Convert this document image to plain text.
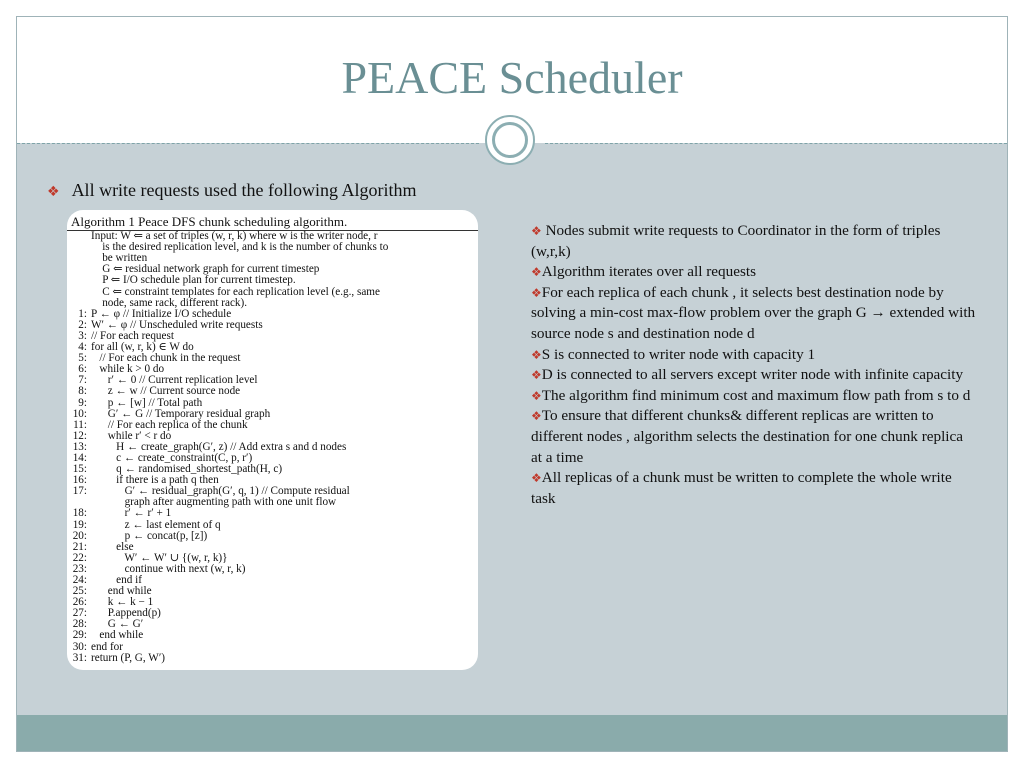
PEACE Scheduler
❖ All write requests used the following Algorithm
Algorithm 1 Peace DFS chunk scheduling algorithm.
Input: W ⇐ a set of triples (w, r, k) where w is the writer node, r
is the desired replication level, and k is the number of chunks to
be written
G ⇐ residual network graph for current timestep
P ⇐ I/O schedule plan for current timestep.
C ⇐ constraint templates for each replication level (e.g., same
node, same rack, different rack).
1: P ← φ // Initialize I/O schedule
2: W′ ← φ // Unscheduled write requests
3: // For each request
4: for all (w, r, k) ∈ W do
5: // For each chunk in the request
6: while k > 0 do
7: r′ ← 0 // Current replication level
8: z ← w // Current source node
9: p ← [w] // Total path
10: G′ ← G // Temporary residual graph
11: // For each replica of the chunk
12: while r′ < r do
13: H ← create_graph(G′, z) // Add extra s and d nodes
14: c ← create_constraint(C, p, r′)
15: q ← randomised_shortest_path(H, c)
16: if there is a path q then
17: G′ ← residual_graph(G′, q, 1) // Compute residual
graph after augmenting path with one unit flow
18: r′ ← r′ + 1
19: z ← last element of q
20: p ← concat(p, [z])
21: else
22: W′ ← W′ ∪ {(w, r, k)}
23: continue with next (w, r, k)
24: end if
25: end while
26: k ← k − 1
27: P.append(p)
28: G ← G′
29: end while
30: end for
31: return (P, G, W′)
❖ Nodes submit write requests to Coordinator in the form of triples (w,r,k)
❖Algorithm iterates over all requests
❖For each replica of each chunk , it selects best destination node by solving a min-cost max-flow problem over the graph G → extended with source node s and destination node d
❖S is connected to writer node with capacity 1
❖D is connected to all servers except writer node with infinite capacity
❖The algorithm find minimum cost and maximum flow path from s to d
❖To ensure that different chunks& different replicas are written to different nodes , algorithm selects the destination for one chunk replica at a time
❖All replicas of a chunk must be written to complete the whole write task
